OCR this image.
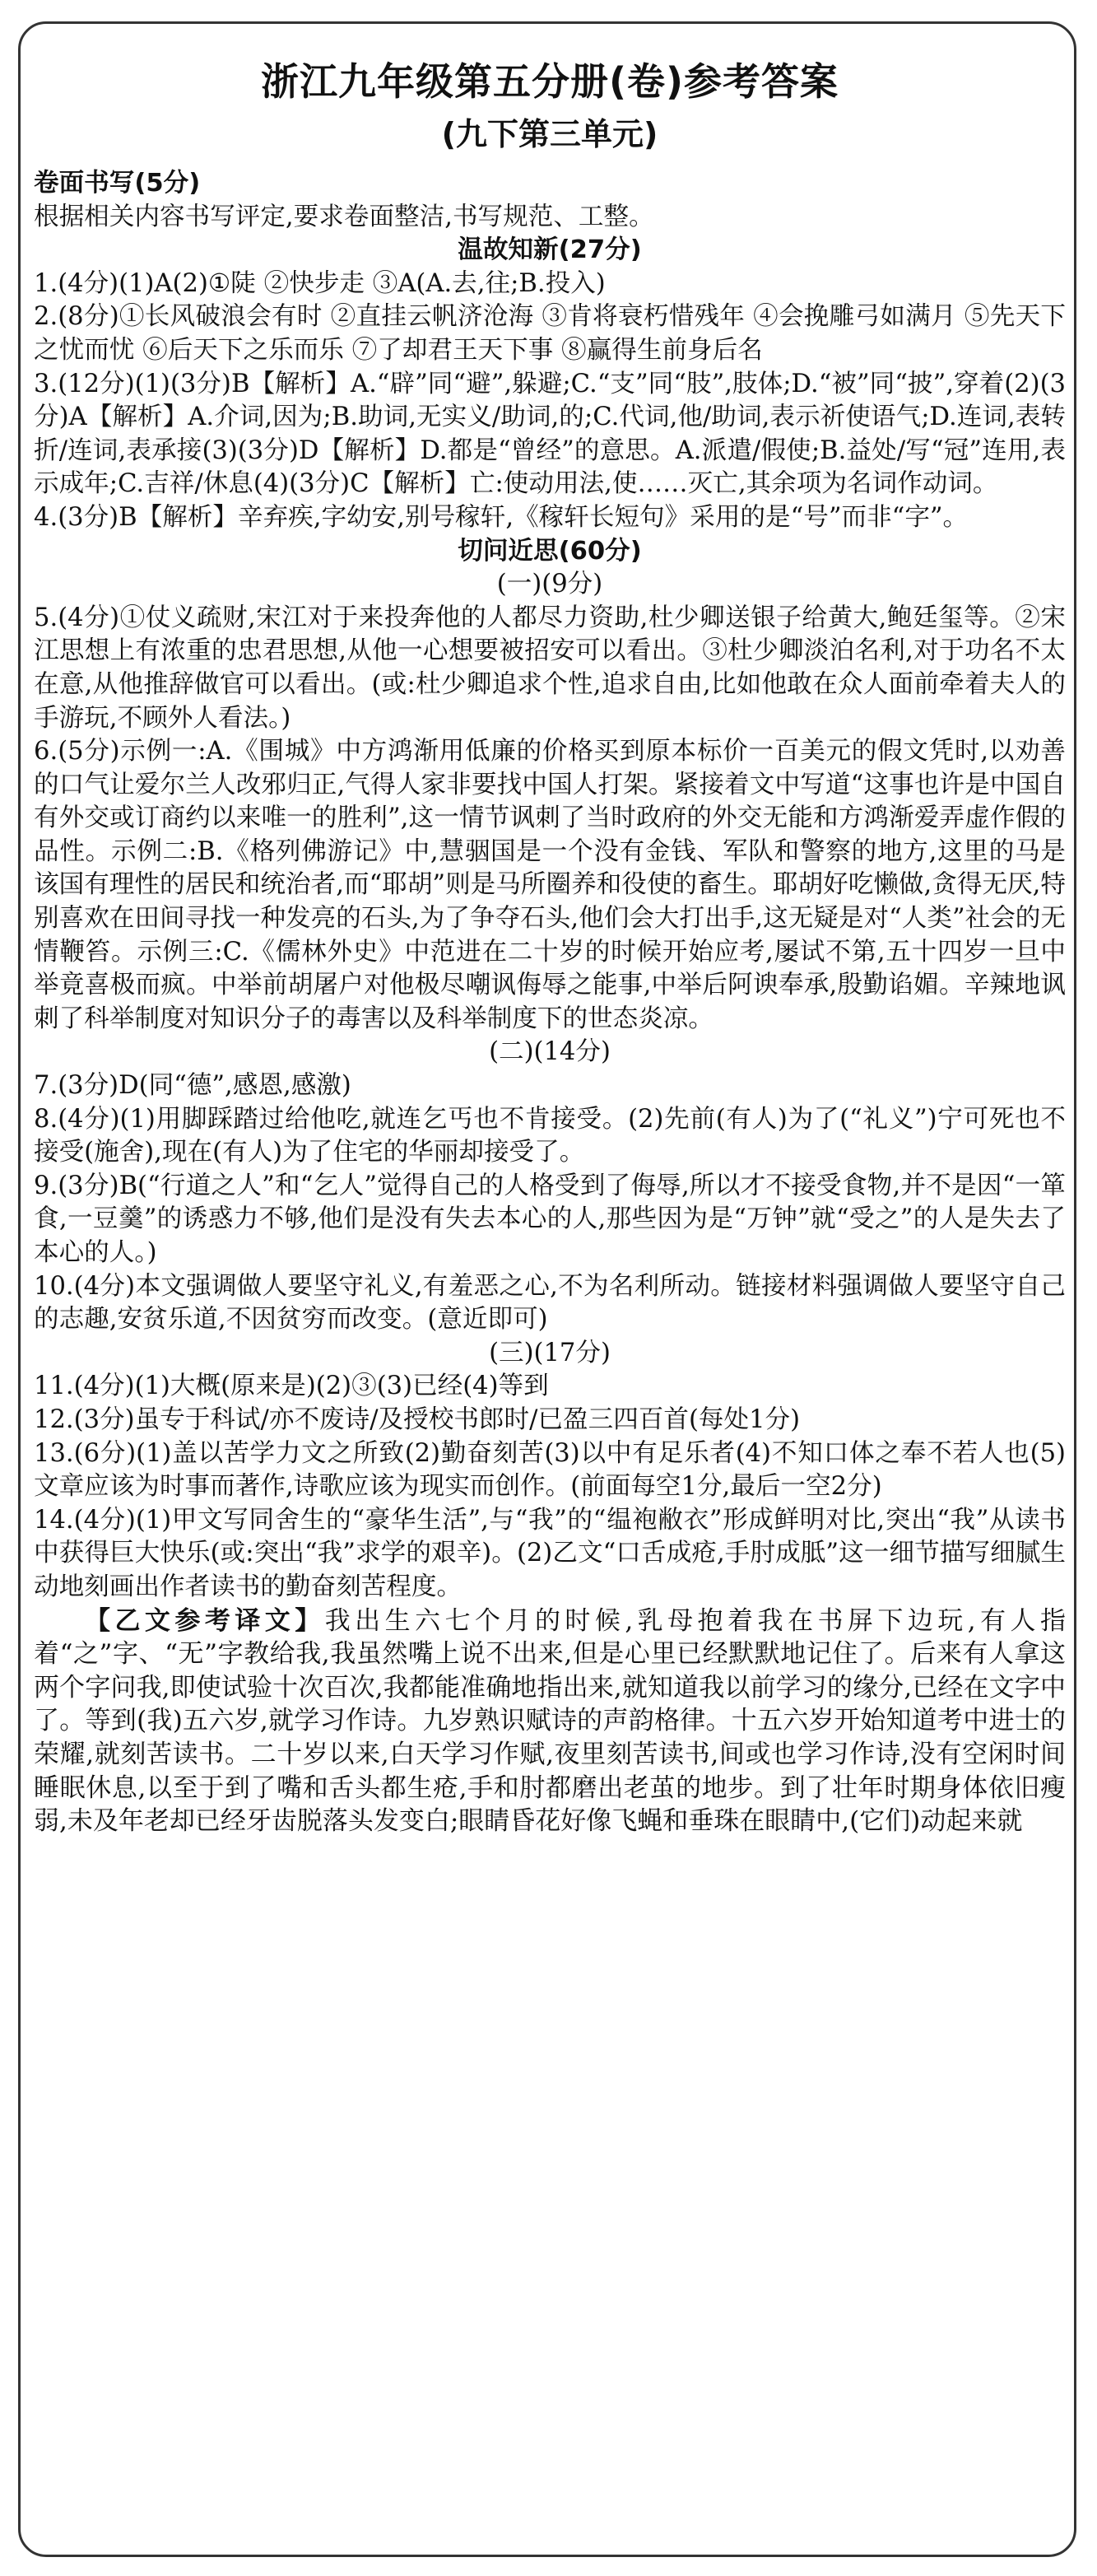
浙江九年级第五分册(卷)参考答案

(九下第三单元)

卷面书写(5分)

根据相关内容书写评定,要求卷面整洁,书写规范、工整。

温故知新(27分)

1.(4分)(1)A(2)①陡 ②快步走 ③A(A.去,往;B.投入)

2.(8分)①长风破浪会有时 ②直挂云帆济沧海 ③肯将衰朽惜残年 ④会挽雕弓如满月 ⑤先天下之忧而忧 ⑥后天下之乐而乐 ⑦了却君王天下事 ⑧赢得生前身后名

3.(12分)(1)(3分)B【解析】A.“辟”同“避”,躲避;C.“支”同“肢”,肢体;D.“被”同“披”,穿着(2)(3分)A【解析】A.介词,因为;B.助词,无实义/助词,的;C.代词,他/助词,表示祈使语气;D.连词,表转折/连词,表承接(3)(3分)D【解析】D.都是“曾经”的意思。A.派遣/假使;B.益处/写“冠”连用,表示成年;C.吉祥/休息(4)(3分)C【解析】亡:使动用法,使……灭亡,其余项为名词作动词。

4.(3分)B【解析】辛弃疾,字幼安,别号稼轩,《稼轩长短句》采用的是“号”而非“字”。

切问近思(60分)

(一)(9分)

5.(4分)①仗义疏财,宋江对于来投奔他的人都尽力资助,杜少卿送银子给黄大,鲍廷玺等。②宋江思想上有浓重的忠君思想,从他一心想要被招安可以看出。③杜少卿淡泊名利,对于功名不太在意,从他推辞做官可以看出。(或:杜少卿追求个性,追求自由,比如他敢在众人面前牵着夫人的手游玩,不顾外人看法。)

6.(5分)示例一:A.《围城》中方鸿渐用低廉的价格买到原本标价一百美元的假文凭时,以劝善的口气让爱尔兰人改邪归正,气得人家非要找中国人打架。紧接着文中写道“这事也许是中国自有外交或订商约以来唯一的胜利”,这一情节讽刺了当时政府的外交无能和方鸿渐爱弄虚作假的品性。示例二:B.《格列佛游记》中,慧骃国是一个没有金钱、军队和警察的地方,这里的马是该国有理性的居民和统治者,而“耶胡”则是马所圈养和役使的畜生。耶胡好吃懒做,贪得无厌,特别喜欢在田间寻找一种发亮的石头,为了争夺石头,他们会大打出手,这无疑是对“人类”社会的无情鞭笞。示例三:C.《儒林外史》中范进在二十岁的时候开始应考,屡试不第,五十四岁一旦中举竟喜极而疯。中举前胡屠户对他极尽嘲讽侮辱之能事,中举后阿谀奉承,殷勤谄媚。辛辣地讽刺了科举制度对知识分子的毒害以及科举制度下的世态炎凉。

(二)(14分)

7.(3分)D(同“德”,感恩,感激)

8.(4分)(1)用脚踩踏过给他吃,就连乞丐也不肯接受。(2)先前(有人)为了(“礼义”)宁可死也不接受(施舍),现在(有人)为了住宅的华丽却接受了。

9.(3分)B(“行道之人”和“乞人”觉得自己的人格受到了侮辱,所以才不接受食物,并不是因“一箪食,一豆羹”的诱惑力不够,他们是没有失去本心的人,那些因为是“万钟”就“受之”的人是失去了本心的人。)

10.(4分)本文强调做人要坚守礼义,有羞恶之心,不为名利所动。链接材料强调做人要坚守自己的志趣,安贫乐道,不因贫穷而改变。(意近即可)

(三)(17分)

11.(4分)(1)大概(原来是)(2)③(3)已经(4)等到

12.(3分)虽专于科试/亦不废诗/及授校书郎时/已盈三四百首(每处1分)

13.(6分)(1)盖以苦学力文之所致(2)勤奋刻苦(3)以中有足乐者(4)不知口体之奉不若人也(5)文章应该为时事而著作,诗歌应该为现实而创作。(前面每空1分,最后一空2分)

14.(4分)(1)甲文写同舍生的“豪华生活”,与“我”的“缊袍敝衣”形成鲜明对比,突出“我”从读书中获得巨大快乐(或:突出“我”求学的艰辛)。(2)乙文“口舌成疮,手肘成胝”这一细节描写细腻生动地刻画出作者读书的勤奋刻苦程度。

【乙文参考译文】我出生六七个月的时候,乳母抱着我在书屏下边玩,有人指着“之”字、“无”字教给我,我虽然嘴上说不出来,但是心里已经默默地记住了。后来有人拿这两个字问我,即使试验十次百次,我都能准确地指出来,就知道我以前学习的缘分,已经在文字中了。等到(我)五六岁,就学习作诗。九岁熟识赋诗的声韵格律。十五六岁开始知道考中进士的荣耀,就刻苦读书。二十岁以来,白天学习作赋,夜里刻苦读书,间或也学习作诗,没有空闲时间睡眠休息,以至于到了嘴和舌头都生疮,手和肘都磨出老茧的地步。到了壮年时期身体依旧瘦弱,未及年老却已经牙齿脱落头发变白;眼睛昏花好像飞蝇和垂珠在眼睛中,(它们)动起来就
